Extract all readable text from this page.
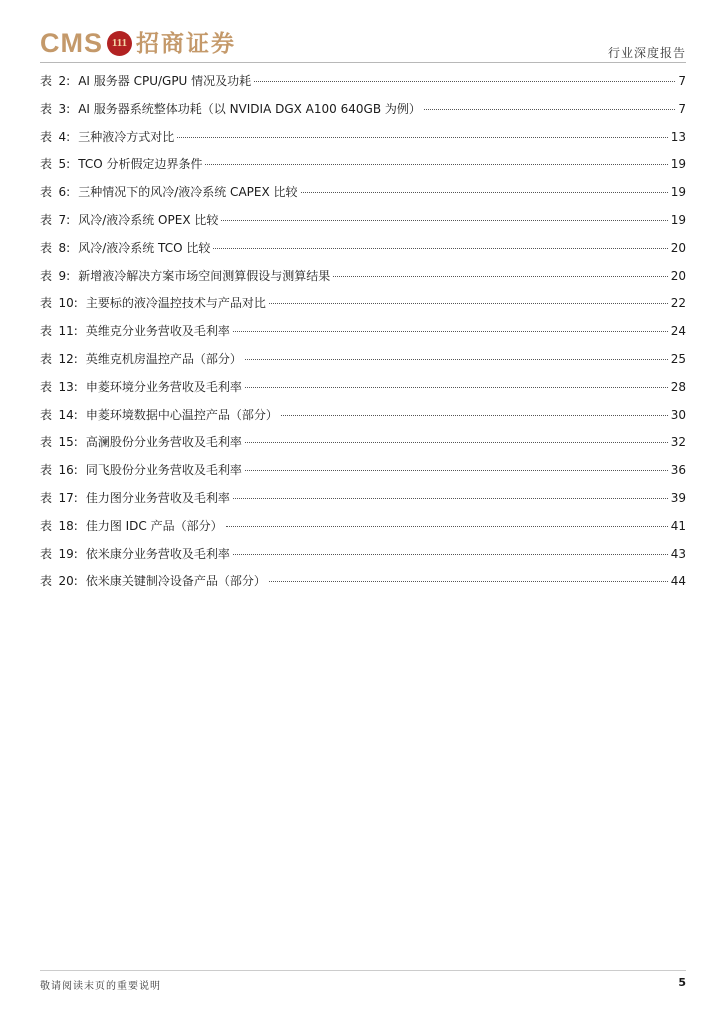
CMS 111 招商证券	行业深度报告
表 2: AI 服务器 CPU/GPU 情况及功耗	7
表 3: AI 服务器系统整体功耗（以 NVIDIA DGX A100 640GB 为例）	7
表 4: 三种液冷方式对比	13
表 5: TCO 分析假定边界条件	19
表 6: 三种情况下的风冷/液冷系统 CAPEX 比较	19
表 7: 风冷/液冷系统 OPEX 比较	19
表 8: 风冷/液冷系统 TCO 比较	20
表 9: 新增液冷解决方案市场空间测算假设与测算结果	20
表 10: 主要标的液冷温控技术与产品对比	22
表 11: 英维克分业务营收及毛利率	24
表 12: 英维克机房温控产品（部分）	25
表 13: 申菱环境分业务营收及毛利率	28
表 14: 申菱环境数据中心温控产品（部分）	30
表 15: 高澜股份分业务营收及毛利率	32
表 16: 同飞股份分业务营收及毛利率	36
表 17: 佳力图分业务营收及毛利率	39
表 18: 佳力图 IDC 产品（部分）	41
表 19: 依米康分业务营收及毛利率	43
表 20: 依米康关键制冷设备产品（部分）	44
敬请阅读末页的重要说明	5
